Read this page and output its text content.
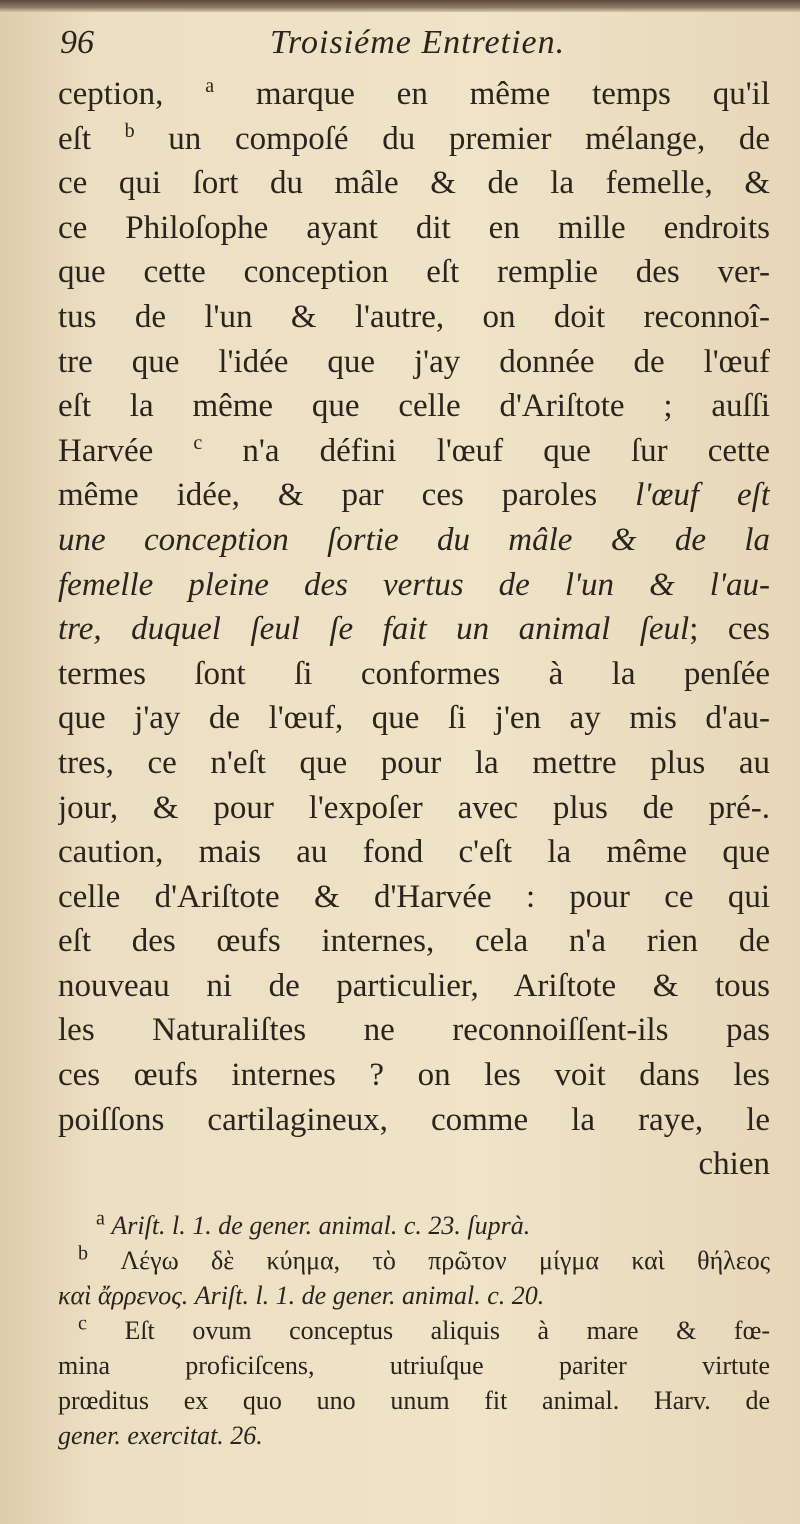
96	Troisiéme Entretien.
ception, $^a$ marque en même temps qu'il
eſt $^b$ un compoſé du premier mélange, de
ce qui ſort du mâle & de la femelle, &
ce Philoſophe ayant dit en mille endroits
que cette conception eſt remplie des ver-
tus de l'un & l'autre, on doit reconnoî-
tre que l'idée que j'ay donnée de l'œuf
eſt la même que celle d'Ariſtote ; auſſi
Harvée $^c$ n'a défini l'œuf que ſur cette
même idée, & par ces paroles l'œuf eſt
une conception ſortie du mâle & de la
femelle pleine des vertus de l'un & l'au-
tre, duquel ſeul ſe fait un animal ſeul; ces
termes ſont ſi conformes à la penſée
que j'ay de l'œuf, que ſi j'en ay mis d'au-
tres, ce n'eſt que pour la mettre plus au
jour, & pour l'expoſer avec plus de pré-.
caution, mais au fond c'eſt la même que
celle d'Ariſtote & d'Harvée : pour ce qui
eſt des œufs internes, cela n'a rien de
nouveau ni de particulier, Ariſtote & tous
les Naturaliſtes ne reconnoiſſent-ils pas
ces œufs internes ? on les voit dans les
poiſſons cartilagineux, comme la raye, le
chien
$^a$ Ariſt. l. 1. de gener. animal. c. 23. ſuprà.
$^b$ Λέγω δὲ κύημα, τὸ πρῶτον μίγμα καὶ θήλεος
καὶ ἄρρενος. Ariſt. l. 1. de gener. animal. c. 20.
$^c$ Eſt ovum conceptus aliquis à mare & fœ-
mina proficiſcens, utriuſque pariter virtute
prœditus ex quo uno unum fit animal. Harv. de
gener. exercitat. 26.
